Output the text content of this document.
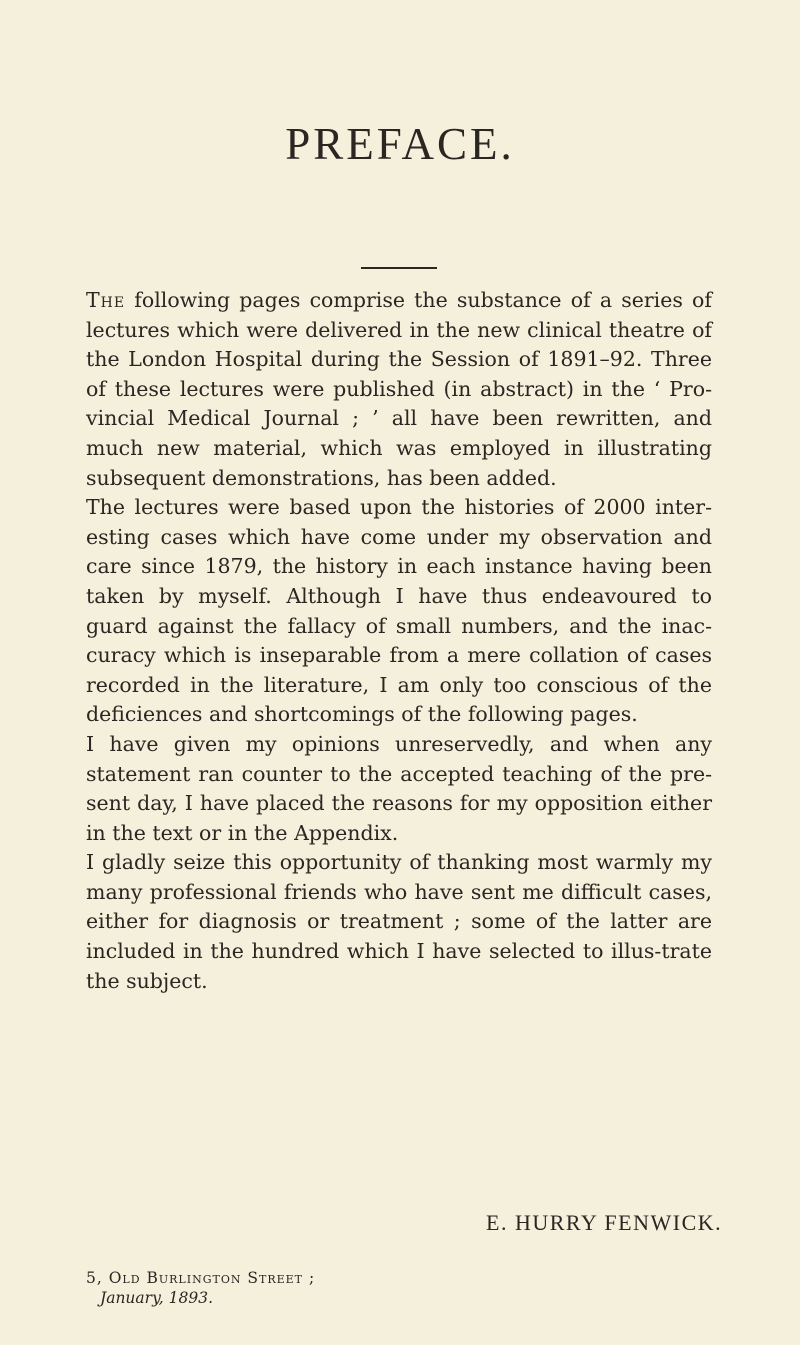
PREFACE.

The following pages comprise the substance of a series of lectures which were delivered in the new clinical theatre of the London Hospital during the Session of 1891–92. Three of these lectures were published (in abstract) in the ‘ Pro-vincial Medical Journal ; ’ all have been rewritten, and much new material, which was employed in illustrating subsequent demonstrations, has been added.

The lectures were based upon the histories of 2000 inter-esting cases which have come under my observation and care since 1879, the history in each instance having been taken by myself. Although I have thus endeavoured to guard against the fallacy of small numbers, and the inac-curacy which is inseparable from a mere collation of cases recorded in the literature, I am only too conscious of the deficiences and shortcomings of the following pages.

I have given my opinions unreservedly, and when any statement ran counter to the accepted teaching of the pre-sent day, I have placed the reasons for my opposition either in the text or in the Appendix.

I gladly seize this opportunity of thanking most warmly my many professional friends who have sent me difficult cases, either for diagnosis or treatment ; some of the latter are included in the hundred which I have selected to illus-trate the subject.

E. HURRY FENWICK.
5, Old Burlington Street ;
January, 1893.
